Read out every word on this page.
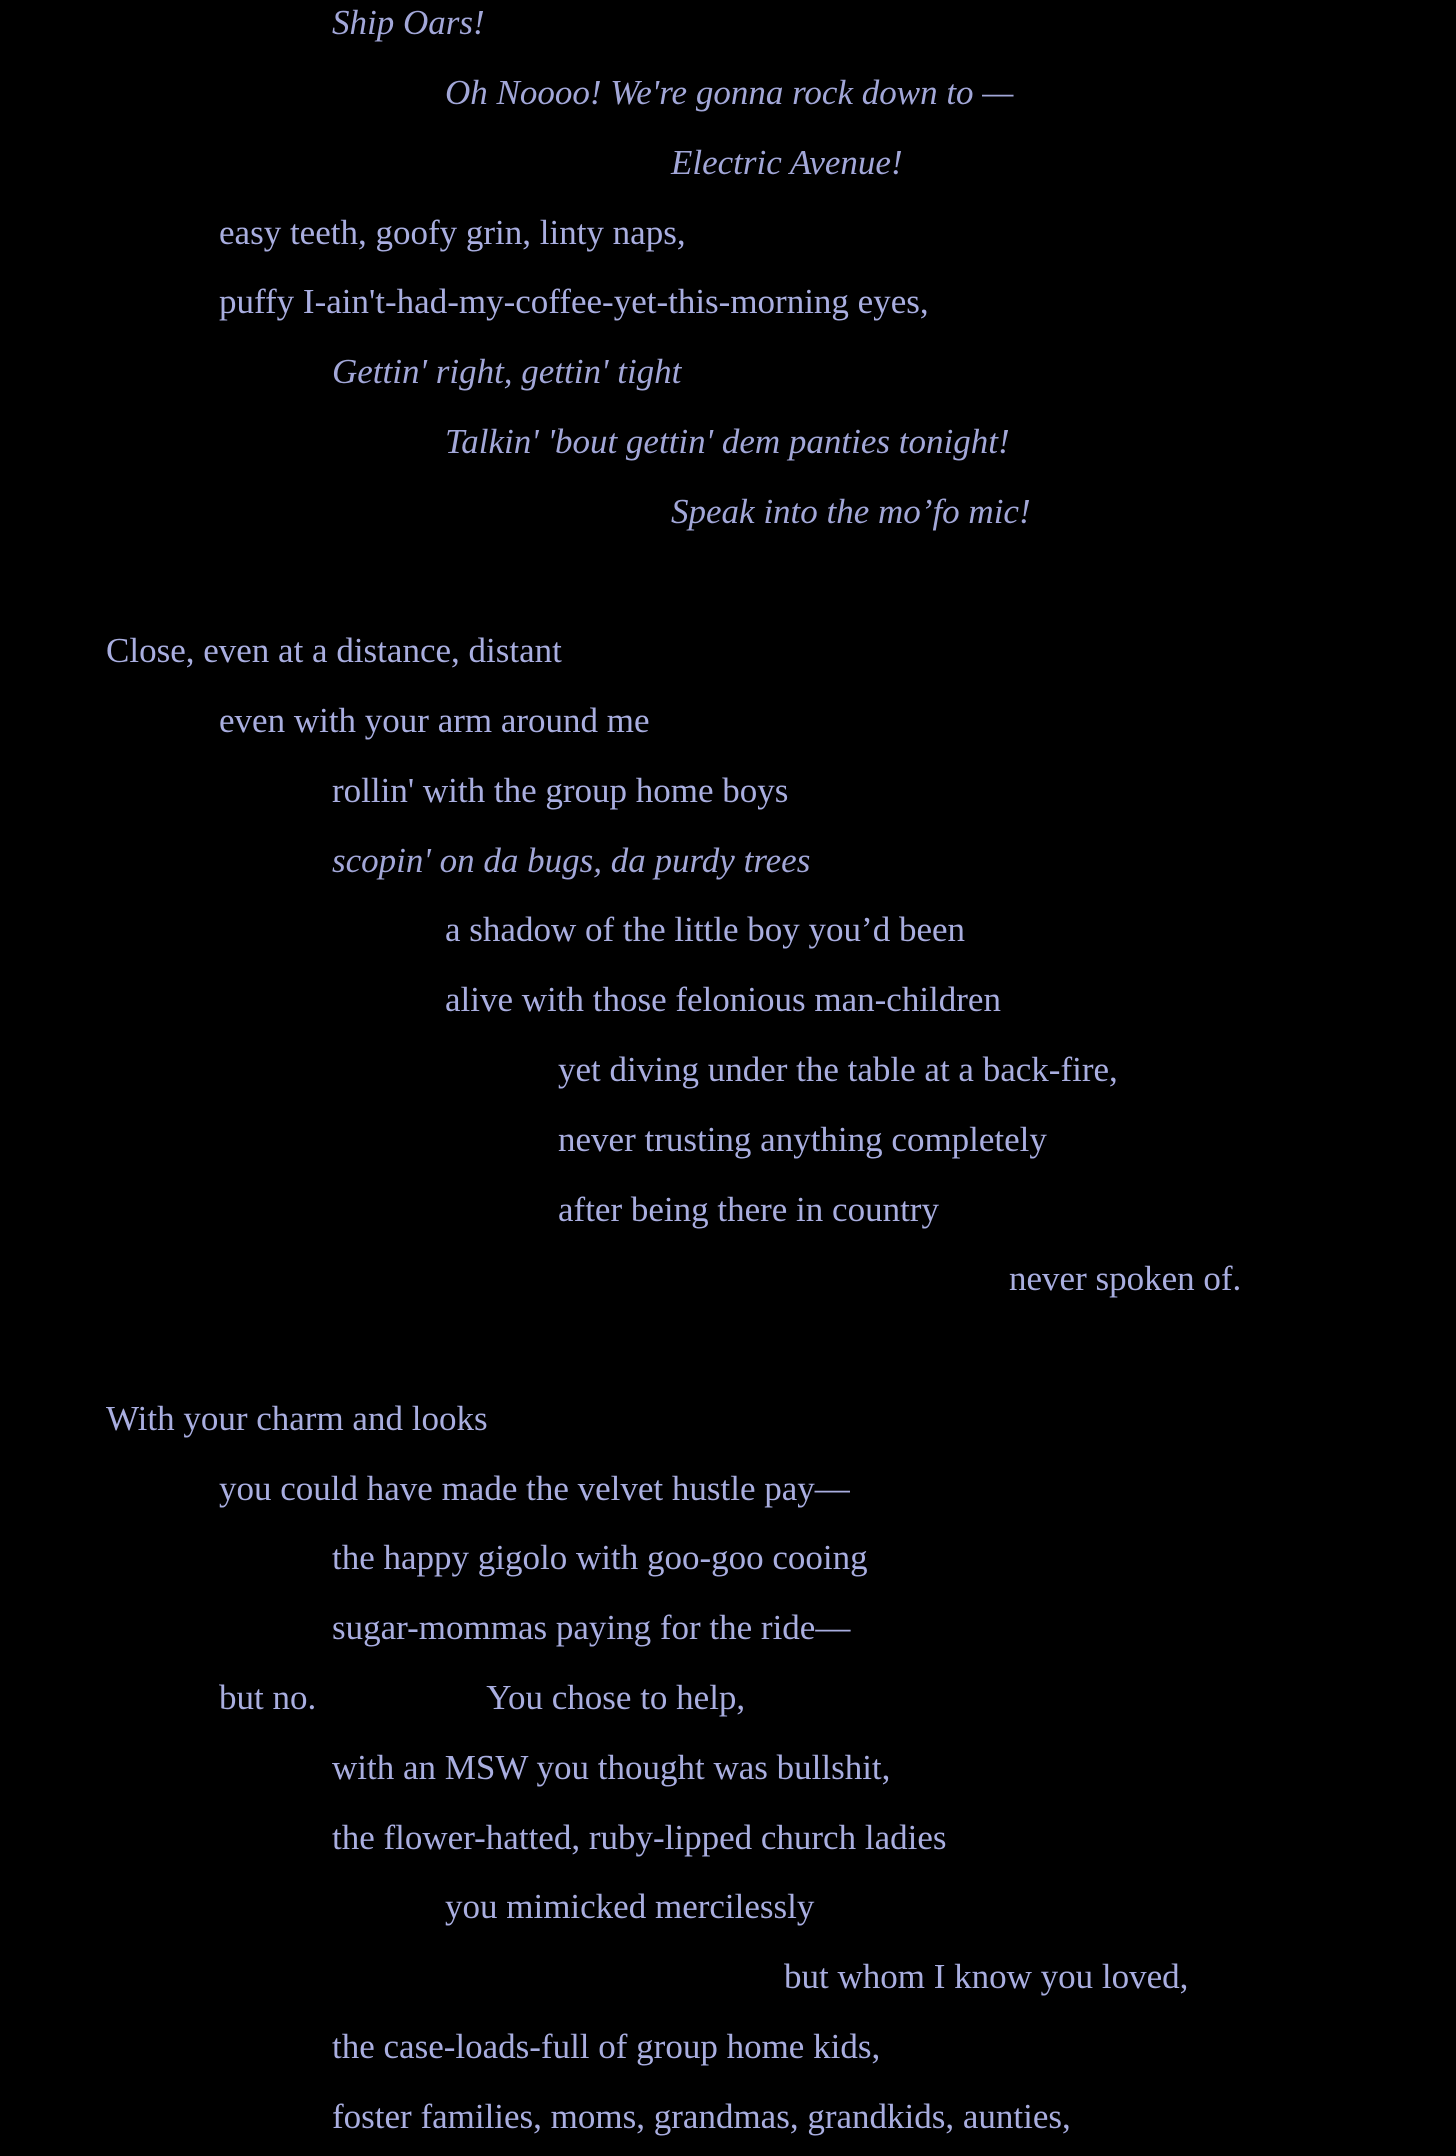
Ship Oars!
Oh Noooo! We're gonna rock down to —
Electric Avenue!
easy teeth, goofy grin, linty naps,
puffy I-ain't-had-my-coffee-yet-this-morning eyes,
Gettin' right, gettin' tight
Talkin' 'bout gettin' dem panties tonight!
Speak into the mo’fo mic!
Close, even at a distance, distant
even with your arm around me
rollin' with the group home boys
scopin' on da bugs, da purdy trees
a shadow of the little boy you’d been
alive with those felonious man-children
yet diving under the table at a back-fire,
never trusting anything completely
after being there in country
never spoken of.
With your charm and looks
you could have made the velvet hustle pay—
the happy gigolo with goo-goo cooing
sugar-mommas paying for the ride—
but no.	You chose to help,
with an MSW you thought was bullshit,
the flower-hatted, ruby-lipped church ladies
you mimicked mercilessly
but whom I know you loved,
the case-loads-full of group home kids,
foster families, moms, grandmas, grandkids, aunties,
